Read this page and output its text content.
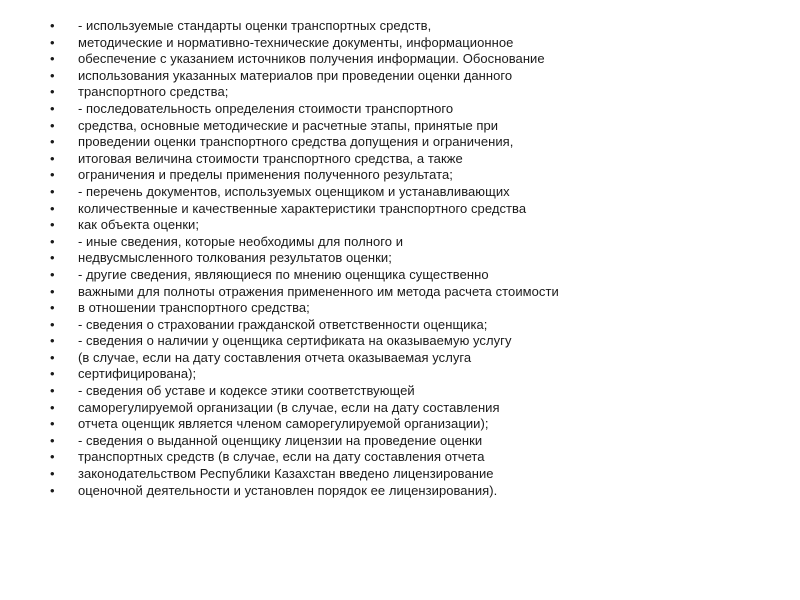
•	- используемые стандарты оценки транспортных средств,
•	методические и нормативно-технические документы, информационное
•	обеспечение с указанием источников получения информации. Обоснование
•	использования указанных материалов при проведении оценки данного
•	транспортного средства;
•	- последовательность определения стоимости транспортного
•	средства, основные методические и расчетные этапы, принятые при
•	проведении оценки транспортного средства допущения и ограничения,
•	итоговая величина стоимости транспортного средства, а также
•	ограничения и пределы применения полученного результата;
•	- перечень документов, используемых оценщиком и устанавливающих
•	количественные и качественные характеристики транспортного средства
•	как объекта оценки;
•	- иные сведения, которые необходимы для полного и
•	недвусмысленного толкования результатов оценки;
•	- другие сведения, являющиеся по мнению оценщика существенно
•	важными для полноты отражения примененного им метода расчета стоимости
•	в отношении транспортного средства;
•	- сведения о страховании гражданской ответственности оценщика;
•	- сведения о наличии у оценщика сертификата на оказываемую услугу
•	(в случае, если на дату составления отчета оказываемая услуга
•	сертифицирована);
•	- сведения об уставе и кодексе этики соответствующей
•	саморегулируемой организации (в случае, если на дату составления
•	отчета оценщик является членом саморегулируемой организации);
•	- сведения о выданной оценщику лицензии на проведение оценки
•	транспортных средств (в случае, если на дату составления отчета
•	законодательством Республики Казахстан введено лицензирование
•	оценочной деятельности и установлен порядок ее лицензирования).
